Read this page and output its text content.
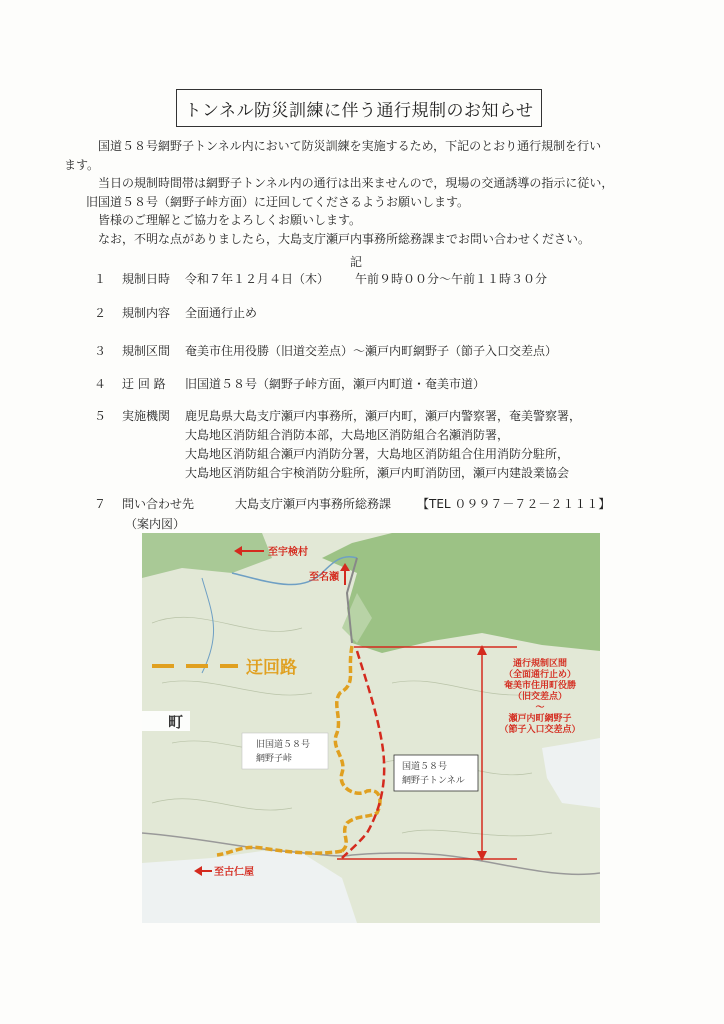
トンネル防災訓練に伴う通行規制のお知らせ

国道５８号網野子トンネル内において防災訓練を実施するため，下記のとおり通行規制を行い

ます。

当日の規制時間帯は網野子トンネル内の通行は出来ませんので，現場の交通誘導の指示に従い，

旧国道５８号（網野子峠方面）に迂回してくださるようお願いします。

皆様のご理解とご協力をよろしくお願いします。

なお，不明な点がありましたら，大島支庁瀬戸内事務所総務課までお問い合わせください。

記
１	規制日時	令和７年１２月４日（木） 午前９時００分～午前１１時３０分
２	規制内容	全面通行止め
３	規制区間	奄美市住用役勝（旧道交差点）～瀬戸内町網野子（節子入口交差点）
４	迂 回 路	旧国道５８号（網野子峠方面，瀬戸内町道・奄美市道）
５	実施機関	鹿児島県大島支庁瀬戸内事務所，瀬戸内町，瀬戸内警察署，奄美警察署，
大島地区消防組合消防本部，大島地区消防組合名瀬消防署，
大島地区消防組合瀬戸内消防分署，大島地区消防組合住用消防分駐所，
大島地区消防組合宇検消防分駐所，瀬戸内町消防団，瀬戸内建設業協会
７	問い合わせ先	大島支庁瀬戸内事務所総務課 【TEL ０９９７－７２－２１１１】
（案内図）
至宇検村
至名瀬
迂回路
町
通行規制区間
（全面通行止め）
奄美市住用町役勝
（旧交差点）
～
瀬戸内町網野子
（節子入口交差点）
旧国道５８号
網野子峠
国道５８号
網野子トンネル
至古仁屋
